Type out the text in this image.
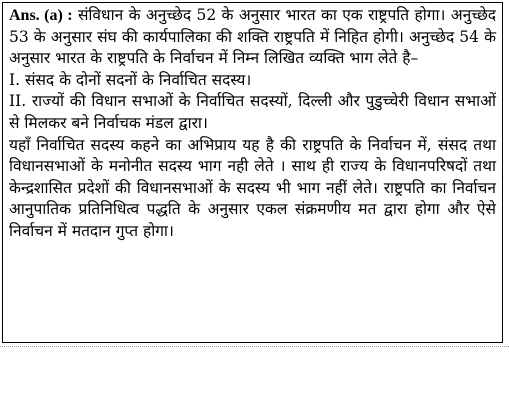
Ans. (a) : संविधान के अनुच्छेद 52 के अनुसार भारत का एक राष्ट्रपति होगा। अनुच्छेद 53 के अनुसार संघ की कार्यपालिका की शक्ति राष्ट्रपति में निहित होगी। अनुच्छेद 54 के अनुसार भारत के राष्ट्रपति के निर्वाचन में निम्न लिखित व्यक्ति भाग लेते है–

I. संसद के दोनों सदनों के निर्वाचित सदस्य।

II. राज्यों की विधान सभाओं के निर्वाचित सदस्यों, दिल्ली और पुडुच्चेरी विधान सभाओं से मिलकर बने निर्वाचक मंडल द्वारा।

यहाँ निर्वाचित सदस्य कहने का अभिप्राय यह है की राष्ट्रपति के निर्वाचन में, संसद तथा विधानसभाओं के मनोनीत सदस्य भाग नही लेते । साथ ही राज्य के विधानपरिषदों तथा केन्द्रशासित प्रदेशों की विधानसभाओं के सदस्य भी भाग नहीं लेते। राष्ट्रपति का निर्वाचन आनुपातिक प्रतिनिधित्व पद्धति के अनुसार एकल संक्रमणीय मत द्वारा होगा और ऐसे निर्वाचन में मतदान गुप्त होगा।
